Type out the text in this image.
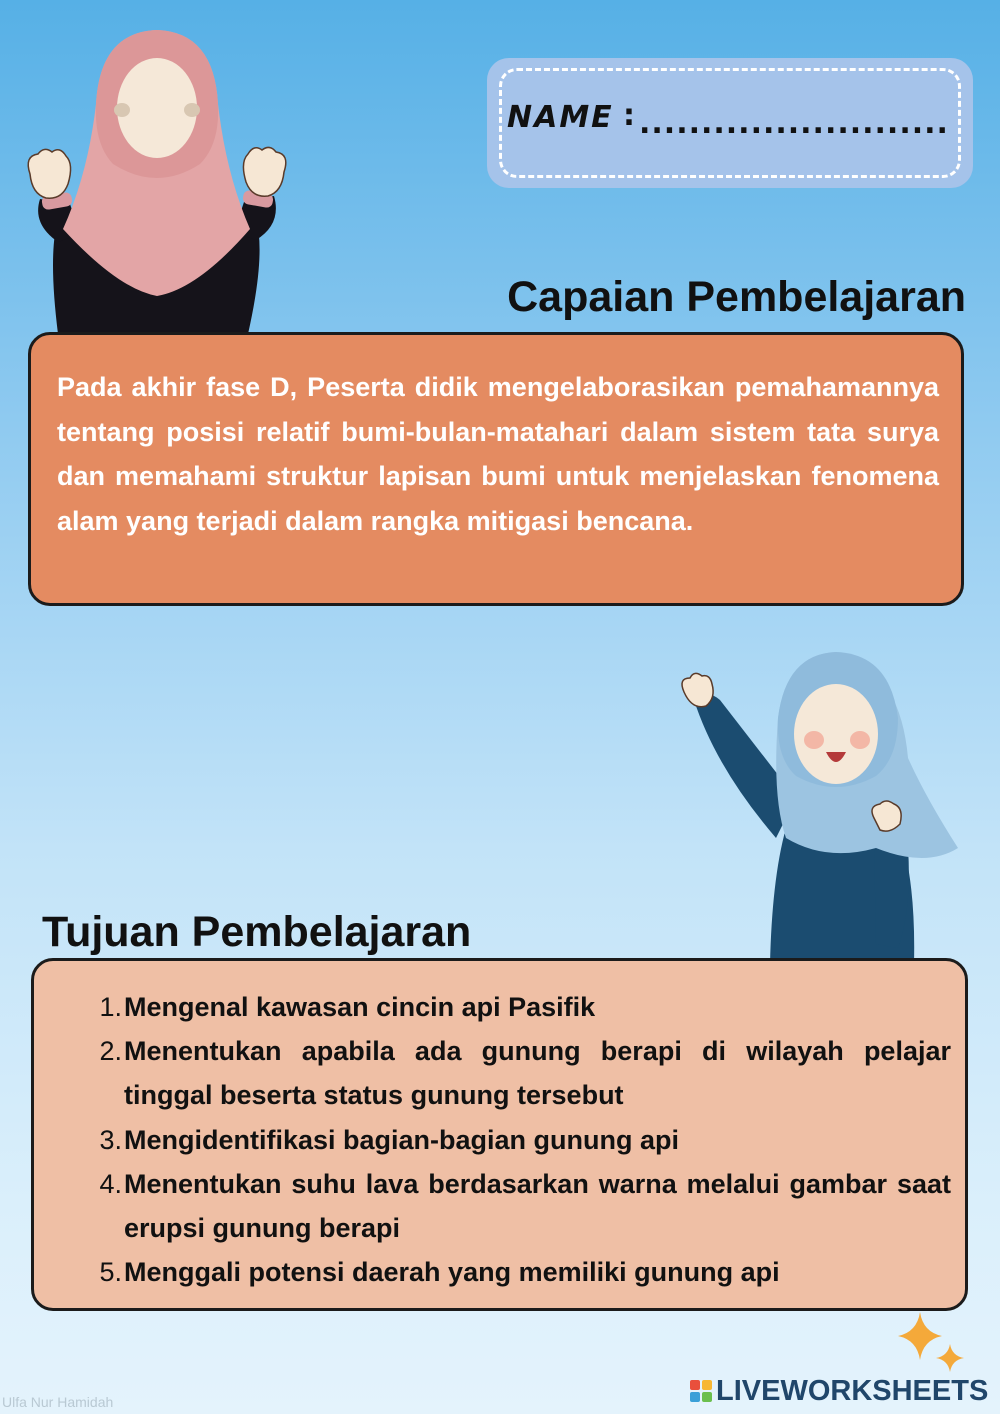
NAME : .........................
Capaian Pembelajaran

Pada akhir fase D, Peserta didik mengelaborasikan pemahamannya tentang posisi relatif bumi-bulan-matahari dalam sistem tata surya dan memahami struktur lapisan bumi untuk menjelaskan fenomena alam yang terjadi dalam rangka mitigasi bencana.

Tujuan Pembelajaran
1. Mengenal kawasan cincin api Pasifik
2. Menentukan apabila ada gunung berapi di wilayah pelajar tinggal beserta status gunung tersebut
3. Mengidentifikasi bagian-bagian gunung api
4. Menentukan suhu lava berdasarkan warna melalui gambar saat erupsi gunung berapi
5. Menggali potensi daerah yang memiliki gunung api
Ulfa Nur Hamidah	LIVEWORKSHEETS
